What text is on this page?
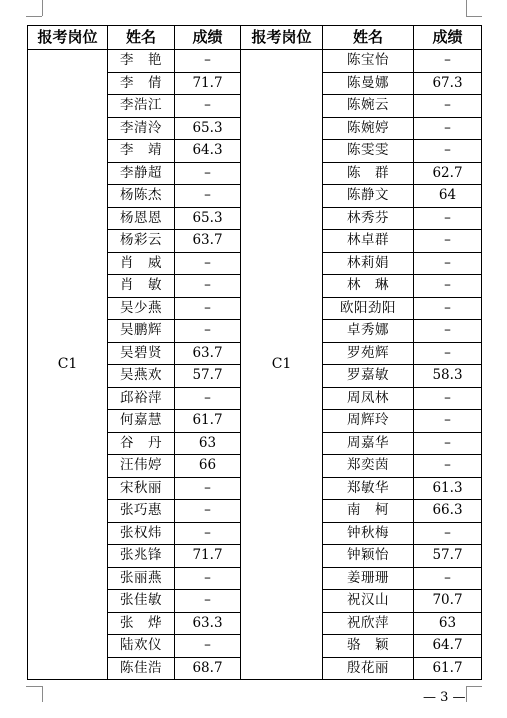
报考岗位	姓名	成绩	报考岗位	姓名	成绩
C1	李　艳	–	C1	陈宝怡	–
	李　倩	71.7		陈曼娜	67.3
	李浩江	–		陈婉云	–
	李清泠	65.3		陈婉婷	–
	李　靖	64.3		陈雯雯	–
	李静超	–		陈　群	62.7
	杨陈杰	–		陈静文	64
	杨恩恩	65.3		林秀芬	–
	杨彩云	63.7		林卓群	–
	肖　威	–		林莉娟	–
	肖　敏	–		林　琳	–
	吴少燕	–		欧阳劲阳	–
	吴鹏辉	–		卓秀娜	–
	吴碧贤	63.7		罗苑辉	–
	吴燕欢	57.7		罗嘉敏	58.3
	邱裕萍	–		周凤林	–
	何嘉慧	61.7		周辉玲	–
	谷　丹	63		周嘉华	–
	汪伟婷	66		郑奕茵	–
	宋秋丽	–		郑敏华	61.3
	张巧惠	–		南　柯	66.3
	张权炜	–		钟秋梅	–
	张兆锋	71.7		钟颖怡	57.7
	张丽燕	–		姜珊珊	–
	张佳敏	–		祝汉山	70.7
	张　烨	63.3		祝欣萍	63
	陆欢仪	–		骆　颖	64.7
	陈佳浩	68.7		殷花丽	61.7
— 3 —
